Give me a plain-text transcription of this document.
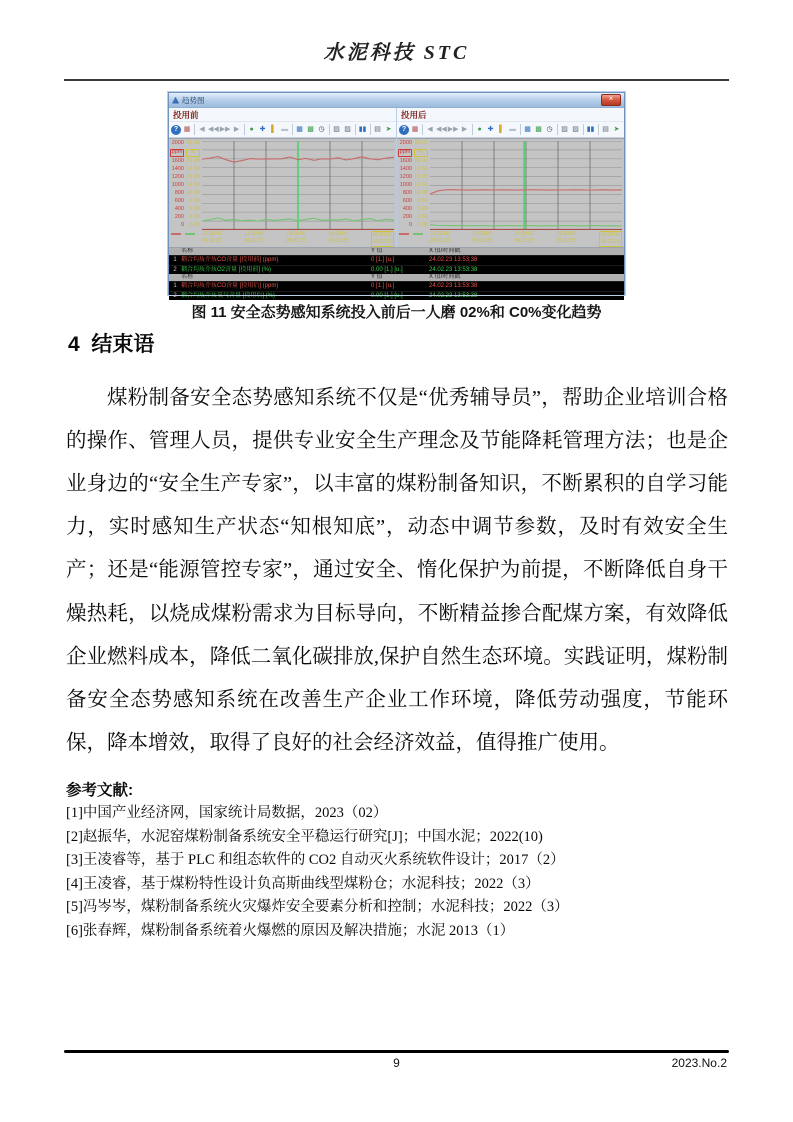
水泥科技 STC
趋势图
×
投用前
? ▦	◀ ◀◀ ▶▶ ▶	● ✚ ▌ ▬ ▦ ▩ ◷ ▨ ▨ ▮▮ ▤ ➤
2000
ppm
1600
1400
1200
1000
800
600
400
200
0
25.00
%
20.00
17.50
15.00
12.50
10.00
7.50
5.00
2.50
0.00
12:00:00
24.02.23
13:00:00
24.02.23
14:00:00
24.02.23
15:00:00
24.02.23
16:00:00
24.02.23
投用后
? ▦	◀ ◀◀ ▶▶ ▶	● ✚ ▌ ▬ ▦ ▩ ◷ ▨ ▨ ▮▮ ▤ ➤
2000
ppm
1600
1400
1200
1000
800
600
400
200
0
25.00
%
20.00
17.50
15.00
12.50
10.00
7.50
5.00
2.50
0.00
12:00:00
24.02.23
13:00:00
24.02.23
14:00:00
24.02.23
15:00:00
24.02.23
16:00:00
24.02.23
名称	Y 值	X 值/时间戳
1 耦合均质介质CO含量 [投用前] (ppm)	0 [1.] [u.]	24.02.23 13:53:38
2 耦合均质介质O2含量 [投用前] (%)	0.00 [1.] [u.]	24.02.23 13:53:38
名称	Y 值	X 值/时间戳
1 耦合均质介质CO含量 [投用后] (ppm)	0 [1.] [u.]	24.02.23 13:53:38
2 耦合均质介质氧气含量 [投用后] (%)	0.00 [1.] [u.]	24.02.23 13:53:38
图 11 安全态势感知系统投入前后一人磨 02%和 C0%变化趋势
4  结束语

煤粉制备安全态势感知系统不仅是“优秀辅导员”，帮助企业培训合格的操作、管理人员，提供专业安全生产理念及节能降耗管理方法；也是企业身边的“安全生产专家”，以丰富的煤粉制备知识，不断累积的自学习能力，实时感知生产状态“知根知底”，动态中调节参数，及时有效安全生产；还是“能源管控专家”，通过安全、惰化保护为前提，不断降低自身干燥热耗，以烧成煤粉需求为目标导向，不断精益掺合配煤方案，有效降低企业燃料成本，降低二氧化碳排放,保护自然生态环境。实践证明，煤粉制备安全态势感知系统在改善生产企业工作环境，降低劳动强度，节能环保，降本增效，取得了良好的社会经济效益，值得推广使用。

参考文献:
[1]中国产业经济网，国家统计局数据，2023（02）
[2]赵振华，水泥窑煤粉制备系统安全平稳运行研究[J]；中国水泥；2022(10)
[3]王凌睿等，基于 PLC 和组态软件的 CO2 自动灭火系统软件设计；2017（2）
[4]王凌睿，基于煤粉特性设计负高斯曲线型煤粉仓；水泥科技；2022（3）
[5]冯岑岑，煤粉制备系统火灾爆炸安全要素分析和控制；水泥科技；2022（3）
[6]张春辉，煤粉制备系统着火爆燃的原因及解决措施；水泥 2013（1）
9	2023.No.2
